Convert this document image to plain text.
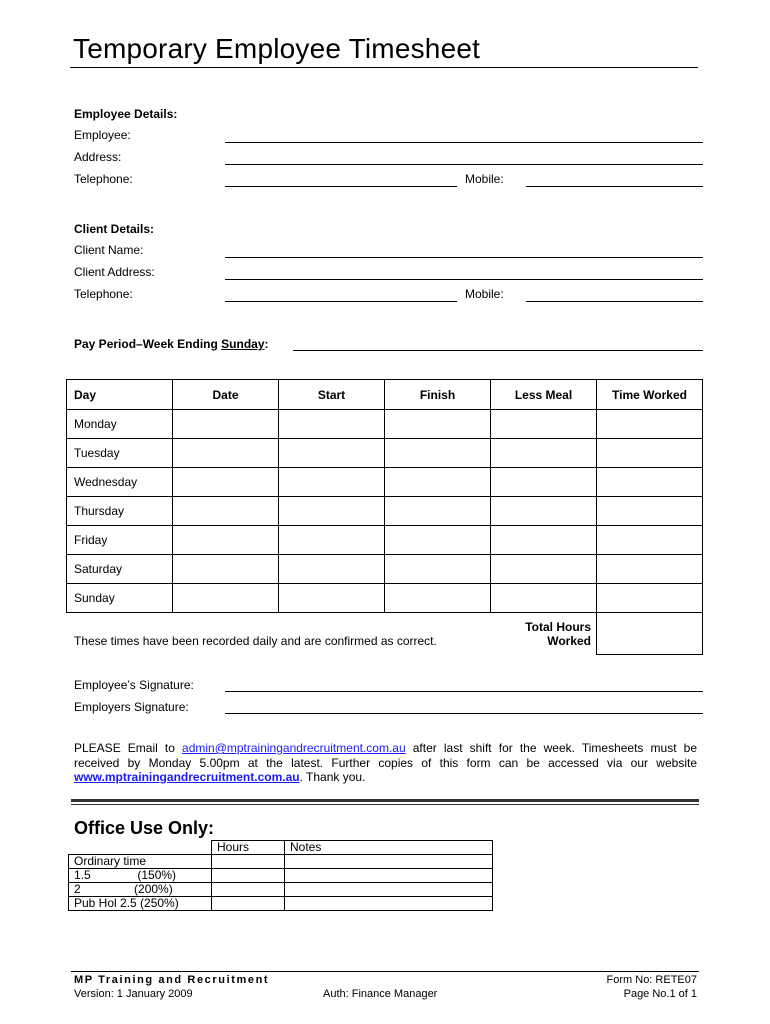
Temporary Employee Timesheet
Employee Details:
Employee:
Address:
Telephone:	Mobile:
Client Details:
Client Name:
Client Address:
Telephone:	Mobile:
Pay Period–Week Ending Sunday:
Day	Date	Start	Finish	Less Meal	Time Worked
Monday					
Tuesday					
Wednesday					
Thursday					
Friday					
Saturday					
Sunday					
These times have been recorded daily and are confirmed as correct.
Total Hours
Worked
Employee’s Signature:
Employers Signature:
PLEASE Email to admin@mptrainingandrecruitment.com.au after last shift for the week. Timesheets must be received by Monday 5.00pm at the latest. Further copies of this form can be accessed via our website www.mptrainingandrecruitment.com.au. Thank you.
Office Use Only:
	Hours	Notes
Ordinary time		
1.5              (150%)		
2                (200%)		
Pub Hol 2.5 (250%)		
MP Training and Recruitment
Version: 1 January 2009	Auth: Finance Manager
Form No: RETE07
Page No.1 of 1
